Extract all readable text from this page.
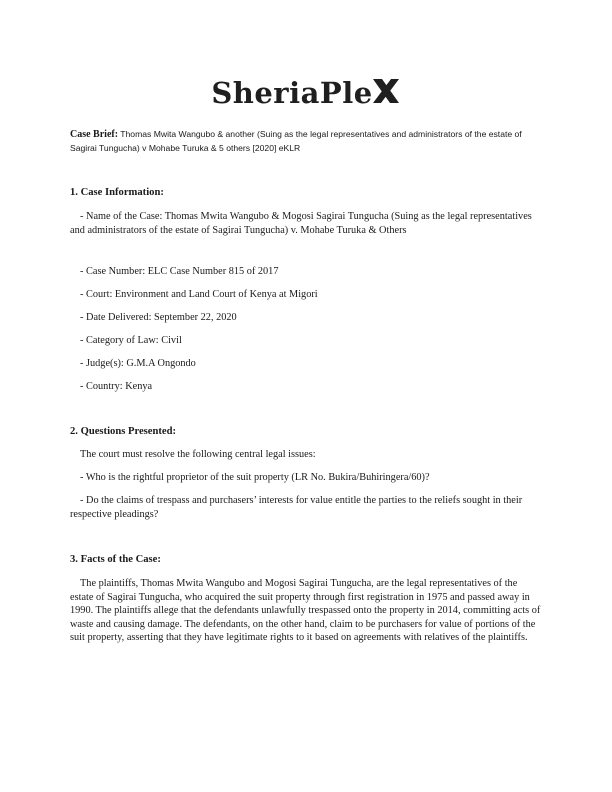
SheriaPle
Case Brief: Thomas Mwita Wangubo & another (Suing as the legal representatives and administrators of the estate of Sagirai Tungucha) v Mohabe Turuka & 5 others [2020] eKLR
1. Case Information:
- Name of the Case: Thomas Mwita Wangubo & Mogosi Sagirai Tungucha (Suing as the legal representatives and administrators of the estate of Sagirai Tungucha) v. Mohabe Turuka & Others
- Case Number: ELC Case Number 815 of 2017
- Court: Environment and Land Court of Kenya at Migori
- Date Delivered: September 22, 2020
- Category of Law: Civil
- Judge(s): G.M.A Ongondo
- Country: Kenya
2. Questions Presented:
The court must resolve the following central legal issues:
- Who is the rightful proprietor of the suit property (LR No. Bukira/Buhiringera/60)?
- Do the claims of trespass and purchasers’ interests for value entitle the parties to the reliefs sought in their respective pleadings?
3. Facts of the Case:
The plaintiffs, Thomas Mwita Wangubo and Mogosi Sagirai Tungucha, are the legal representatives of the estate of Sagirai Tungucha, who acquired the suit property through first registration in 1975 and passed away in 1990. The plaintiffs allege that the defendants unlawfully trespassed onto the property in 2014, committing acts of waste and causing damage. The defendants, on the other hand, claim to be purchasers for value of portions of the suit property, asserting that they have legitimate rights to it based on agreements with relatives of the plaintiffs.
